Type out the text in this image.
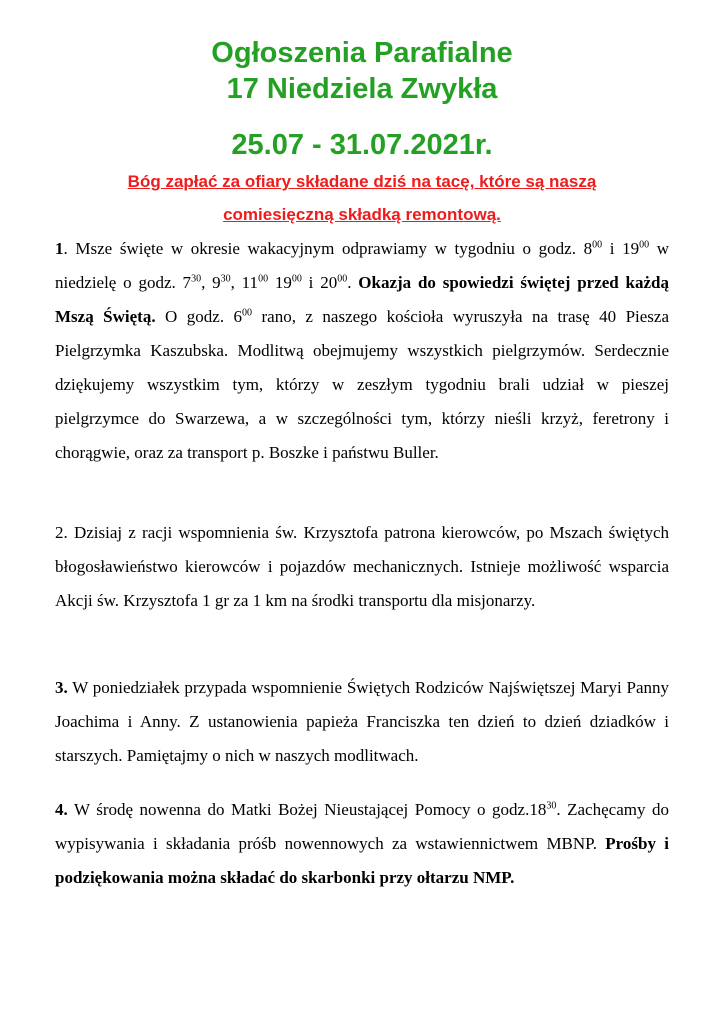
Ogłoszenia Parafialne
17 Niedziela Zwykła
25.07 - 31.07.2021r.
Bóg zapłać za ofiary składane dziś na tacę, które są naszą
comiesięczną składką remontową.

1. Msze święte w okresie wakacyjnym odprawiamy w tygodniu o godz. $8^{00}$ i $19^{00}$ w niedzielę o godz. $7^{30}$, $9^{30}$, $11^{00}$ $19^{00}$ i $20^{00}$. Okazja do spowiedzi świętej przed każdą Mszą Świętą. O godz. $6^{00}$ rano, z naszego kościoła wyruszyła na trasę 40 Piesza Pielgrzymka Kaszubska. Modlitwą obejmujemy wszystkich pielgrzymów. Serdecznie dziękujemy wszystkim tym, którzy w zeszłym tygodniu brali udział w pieszej pielgrzymce do Swarzewa, a w szczególności tym, którzy nieśli krzyż, feretrony i chorągwie, oraz za transport p. Boszke i państwu Buller.

2. Dzisiaj z racji wspomnienia św. Krzysztofa patrona kierowców, po Mszach świętych błogosławieństwo kierowców i pojazdów mechanicznych. Istnieje możliwość wsparcia Akcji św. Krzysztofa 1 gr za 1 km na środki transportu dla misjonarzy.

3. W poniedziałek przypada wspomnienie Świętych Rodziców Najświętszej Maryi Panny Joachima i Anny. Z ustanowienia papieża Franciszka ten dzień to dzień dziadków i starszych. Pamiętajmy o nich w naszych modlitwach.

4. W środę nowenna do Matki Bożej Nieustającej Pomocy o $godz.18^{30}$. Zachęcamy do wypisywania i składania próśb nowennowych za wstawiennictwem MBNP. Prośby i podziękowania można składać do skarbonki przy ołtarzu NMP.
